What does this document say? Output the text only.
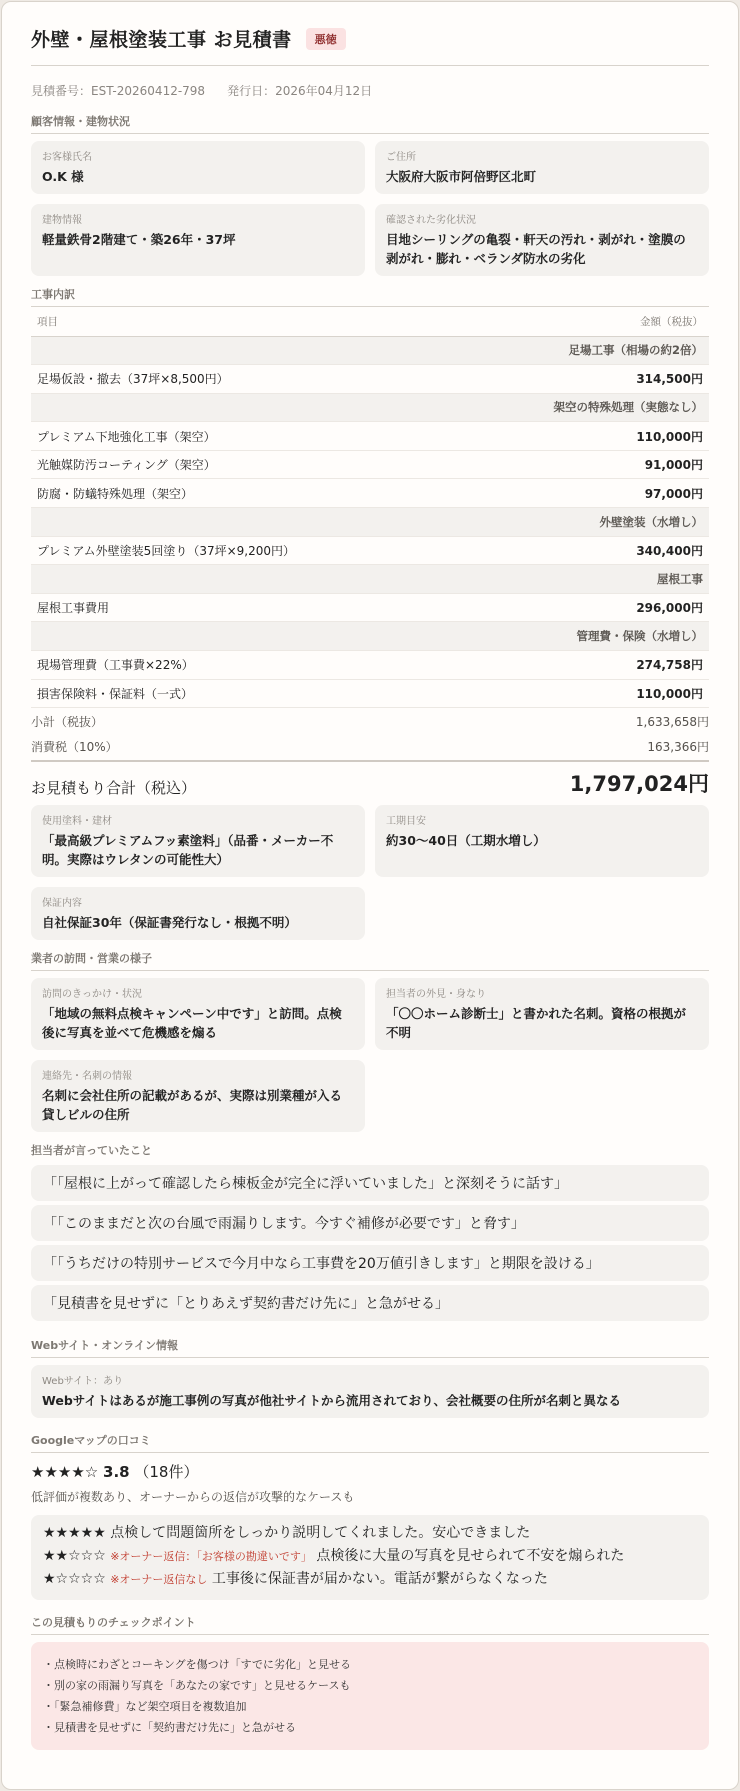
外壁・屋根塗装工事 お見積書	悪徳
見積番号：EST-20260412-798 発行日：2026年04月12日
顧客情報・建物状況
お客様氏名
O.K 様
ご住所
大阪府大阪市阿倍野区北町
建物情報
軽量鉄骨2階建て・築26年・37坪
確認された劣化状況
目地シーリングの亀裂・軒天の汚れ・剥がれ・塗膜の剥がれ・膨れ・ベランダ防水の劣化
工事内訳
項目	金額（税抜）
足場工事（相場の約2倍）	
足場仮設・撤去（37坪×8,500円）	314,500円
架空の特殊処理（実態なし）	
プレミアム下地強化工事（架空）	110,000円
光触媒防汚コーティング（架空）	91,000円
防腐・防蟻特殊処理（架空）	97,000円
外壁塗装（水増し）	
プレミアム外壁塗装5回塗り（37坪×9,200円）	340,400円
屋根工事	
屋根工事費用	296,000円
管理費・保険（水増し）	
現場管理費（工事費×22%）	274,758円
損害保険料・保証料（一式）	110,000円
小計（税抜）	1,633,658円
消費税（10%）	163,366円
お見積もり合計（税込）	1,797,024円
使用塗料・建材
「最高級プレミアムフッ素塗料」（品番・メーカー不明。実際はウレタンの可能性大）
工期目安
約30〜40日（工期水増し）
保証内容
自社保証30年（保証書発行なし・根拠不明）
業者の訪問・営業の様子
訪問のきっかけ・状況
「地域の無料点検キャンペーン中です」と訪問。点検後に写真を並べて危機感を煽る
担当者の外見・身なり
「〇〇ホーム診断士」と書かれた名刺。資格の根拠が不明
連絡先・名刺の情報
名刺に会社住所の記載があるが、実際は別業種が入る貸しビルの住所
担当者が言っていたこと
「「屋根に上がって確認したら棟板金が完全に浮いていました」と深刻そうに話す」
「「このままだと次の台風で雨漏りします。今すぐ補修が必要です」と脅す」
「「うちだけの特別サービスで今月中なら工事費を20万値引きします」と期限を設ける」
「見積書を見せずに「とりあえず契約書だけ先に」と急がせる」
Webサイト・オンライン情報
Webサイト：あり
Webサイトはあるが施工事例の写真が他社サイトから流用されており、会社概要の住所が名刺と異なる
Googleマップの口コミ
★★★★☆ 3.8 （18件）
低評価が複数あり、オーナーからの返信が攻撃的なケースも
★★★★★ 点検して問題箇所をしっかり説明してくれました。安心できました
★★☆☆☆ ※オーナー返信：「お客様の勘違いです」 点検後に大量の写真を見せられて不安を煽られた
★☆☆☆☆ ※オーナー返信なし 工事後に保証書が届かない。電話が繋がらなくなった
この見積もりのチェックポイント
・点検時にわざとコーキングを傷つけ「すでに劣化」と見せる
・別の家の雨漏り写真を「あなたの家です」と見せるケースも
・「緊急補修費」など架空項目を複数追加
・見積書を見せずに「契約書だけ先に」と急がせる
